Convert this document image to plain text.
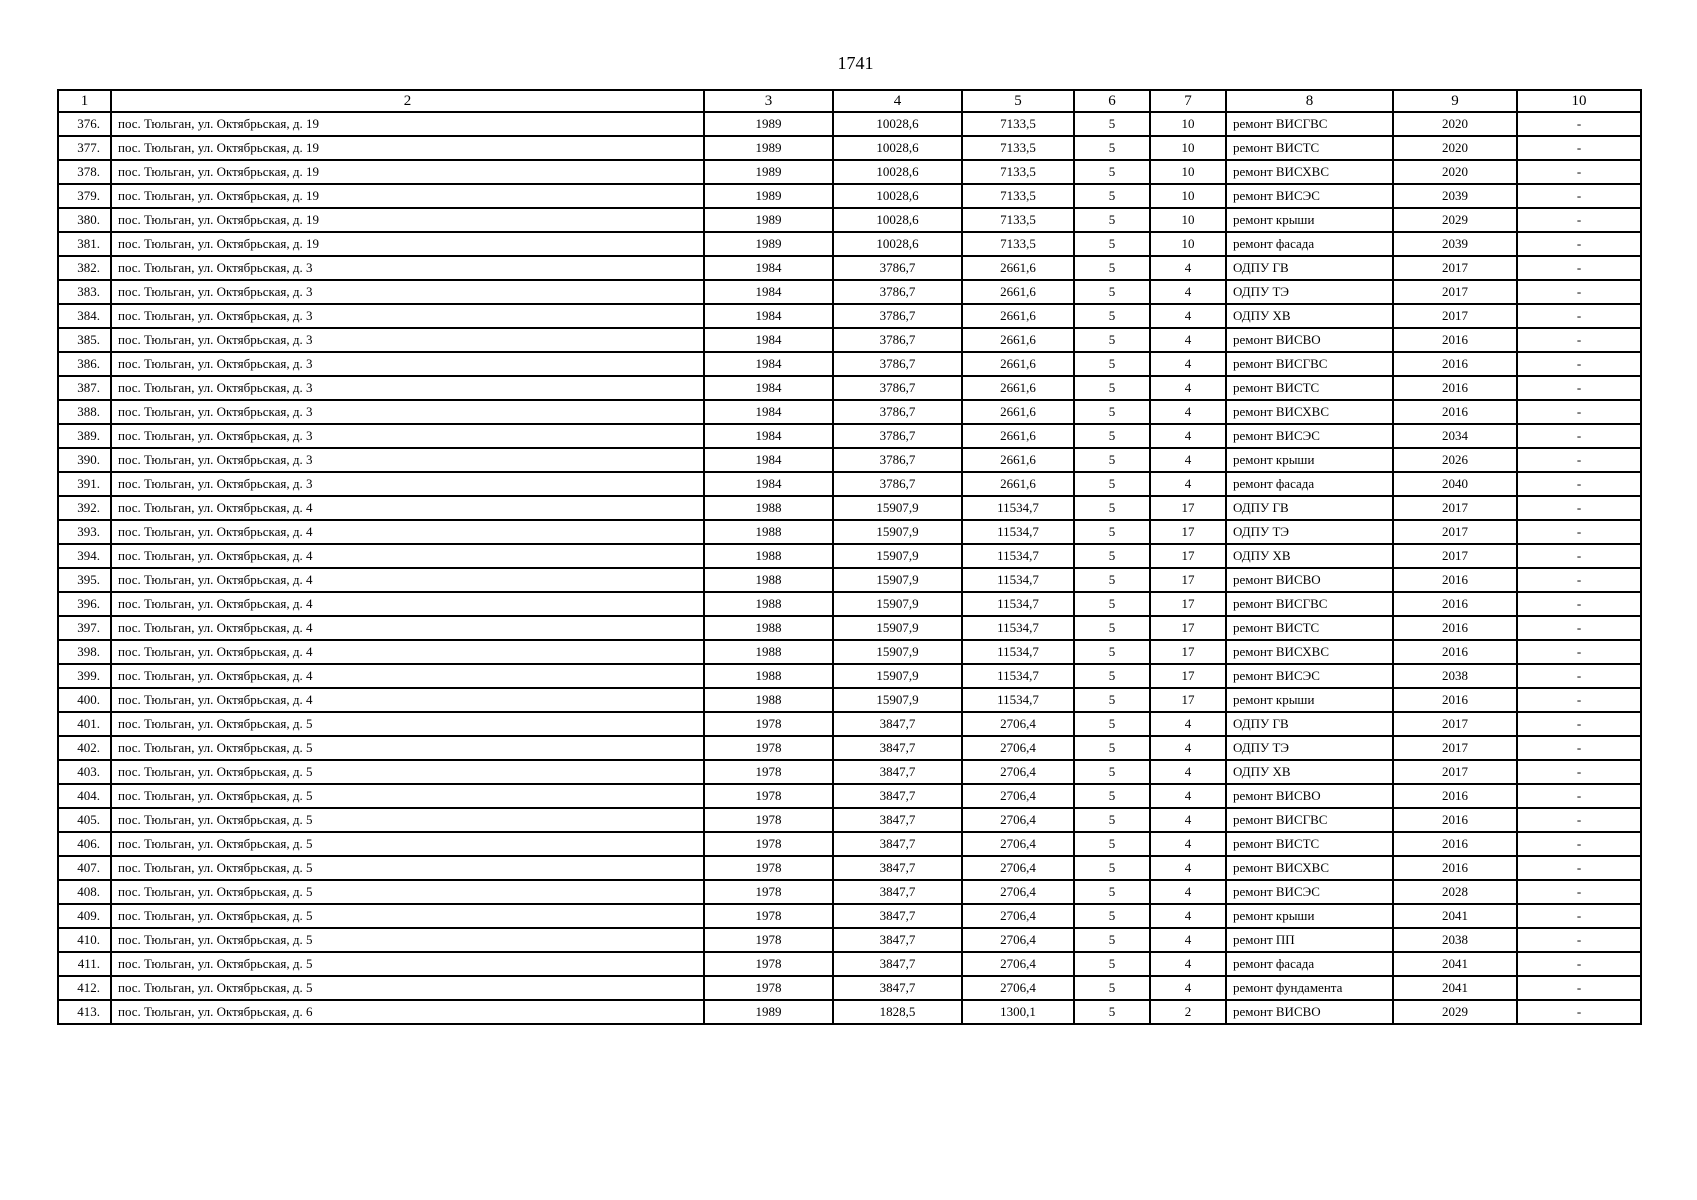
1741
1	2	3	4	5	6	7	8	9	10
376.	пос. Тюльган, ул. Октябрьская, д. 19	1989	10028,6	7133,5	5	10	ремонт ВИСГВС	2020	-
377.	пос. Тюльган, ул. Октябрьская, д. 19	1989	10028,6	7133,5	5	10	ремонт ВИСТС	2020	-
378.	пос. Тюльган, ул. Октябрьская, д. 19	1989	10028,6	7133,5	5	10	ремонт ВИСХВС	2020	-
379.	пос. Тюльган, ул. Октябрьская, д. 19	1989	10028,6	7133,5	5	10	ремонт ВИСЭС	2039	-
380.	пос. Тюльган, ул. Октябрьская, д. 19	1989	10028,6	7133,5	5	10	ремонт крыши	2029	-
381.	пос. Тюльган, ул. Октябрьская, д. 19	1989	10028,6	7133,5	5	10	ремонт фасада	2039	-
382.	пос. Тюльган, ул. Октябрьская, д. 3	1984	3786,7	2661,6	5	4	ОДПУ ГВ	2017	-
383.	пос. Тюльган, ул. Октябрьская, д. 3	1984	3786,7	2661,6	5	4	ОДПУ ТЭ	2017	-
384.	пос. Тюльган, ул. Октябрьская, д. 3	1984	3786,7	2661,6	5	4	ОДПУ ХВ	2017	-
385.	пос. Тюльган, ул. Октябрьская, д. 3	1984	3786,7	2661,6	5	4	ремонт ВИСВО	2016	-
386.	пос. Тюльган, ул. Октябрьская, д. 3	1984	3786,7	2661,6	5	4	ремонт ВИСГВС	2016	-
387.	пос. Тюльган, ул. Октябрьская, д. 3	1984	3786,7	2661,6	5	4	ремонт ВИСТС	2016	-
388.	пос. Тюльган, ул. Октябрьская, д. 3	1984	3786,7	2661,6	5	4	ремонт ВИСХВС	2016	-
389.	пос. Тюльган, ул. Октябрьская, д. 3	1984	3786,7	2661,6	5	4	ремонт ВИСЭС	2034	-
390.	пос. Тюльган, ул. Октябрьская, д. 3	1984	3786,7	2661,6	5	4	ремонт крыши	2026	-
391.	пос. Тюльган, ул. Октябрьская, д. 3	1984	3786,7	2661,6	5	4	ремонт фасада	2040	-
392.	пос. Тюльган, ул. Октябрьская, д. 4	1988	15907,9	11534,7	5	17	ОДПУ ГВ	2017	-
393.	пос. Тюльган, ул. Октябрьская, д. 4	1988	15907,9	11534,7	5	17	ОДПУ ТЭ	2017	-
394.	пос. Тюльган, ул. Октябрьская, д. 4	1988	15907,9	11534,7	5	17	ОДПУ ХВ	2017	-
395.	пос. Тюльган, ул. Октябрьская, д. 4	1988	15907,9	11534,7	5	17	ремонт ВИСВО	2016	-
396.	пос. Тюльган, ул. Октябрьская, д. 4	1988	15907,9	11534,7	5	17	ремонт ВИСГВС	2016	-
397.	пос. Тюльган, ул. Октябрьская, д. 4	1988	15907,9	11534,7	5	17	ремонт ВИСТС	2016	-
398.	пос. Тюльган, ул. Октябрьская, д. 4	1988	15907,9	11534,7	5	17	ремонт ВИСХВС	2016	-
399.	пос. Тюльган, ул. Октябрьская, д. 4	1988	15907,9	11534,7	5	17	ремонт ВИСЭС	2038	-
400.	пос. Тюльган, ул. Октябрьская, д. 4	1988	15907,9	11534,7	5	17	ремонт крыши	2016	-
401.	пос. Тюльган, ул. Октябрьская, д. 5	1978	3847,7	2706,4	5	4	ОДПУ ГВ	2017	-
402.	пос. Тюльган, ул. Октябрьская, д. 5	1978	3847,7	2706,4	5	4	ОДПУ ТЭ	2017	-
403.	пос. Тюльган, ул. Октябрьская, д. 5	1978	3847,7	2706,4	5	4	ОДПУ ХВ	2017	-
404.	пос. Тюльган, ул. Октябрьская, д. 5	1978	3847,7	2706,4	5	4	ремонт ВИСВО	2016	-
405.	пос. Тюльган, ул. Октябрьская, д. 5	1978	3847,7	2706,4	5	4	ремонт ВИСГВС	2016	-
406.	пос. Тюльган, ул. Октябрьская, д. 5	1978	3847,7	2706,4	5	4	ремонт ВИСТС	2016	-
407.	пос. Тюльган, ул. Октябрьская, д. 5	1978	3847,7	2706,4	5	4	ремонт ВИСХВС	2016	-
408.	пос. Тюльган, ул. Октябрьская, д. 5	1978	3847,7	2706,4	5	4	ремонт ВИСЭС	2028	-
409.	пос. Тюльган, ул. Октябрьская, д. 5	1978	3847,7	2706,4	5	4	ремонт крыши	2041	-
410.	пос. Тюльган, ул. Октябрьская, д. 5	1978	3847,7	2706,4	5	4	ремонт ПП	2038	-
411.	пос. Тюльган, ул. Октябрьская, д. 5	1978	3847,7	2706,4	5	4	ремонт фасада	2041	-
412.	пос. Тюльган, ул. Октябрьская, д. 5	1978	3847,7	2706,4	5	4	ремонт фундамента	2041	-
413.	пос. Тюльган, ул. Октябрьская, д. 6	1989	1828,5	1300,1	5	2	ремонт ВИСВО	2029	-
